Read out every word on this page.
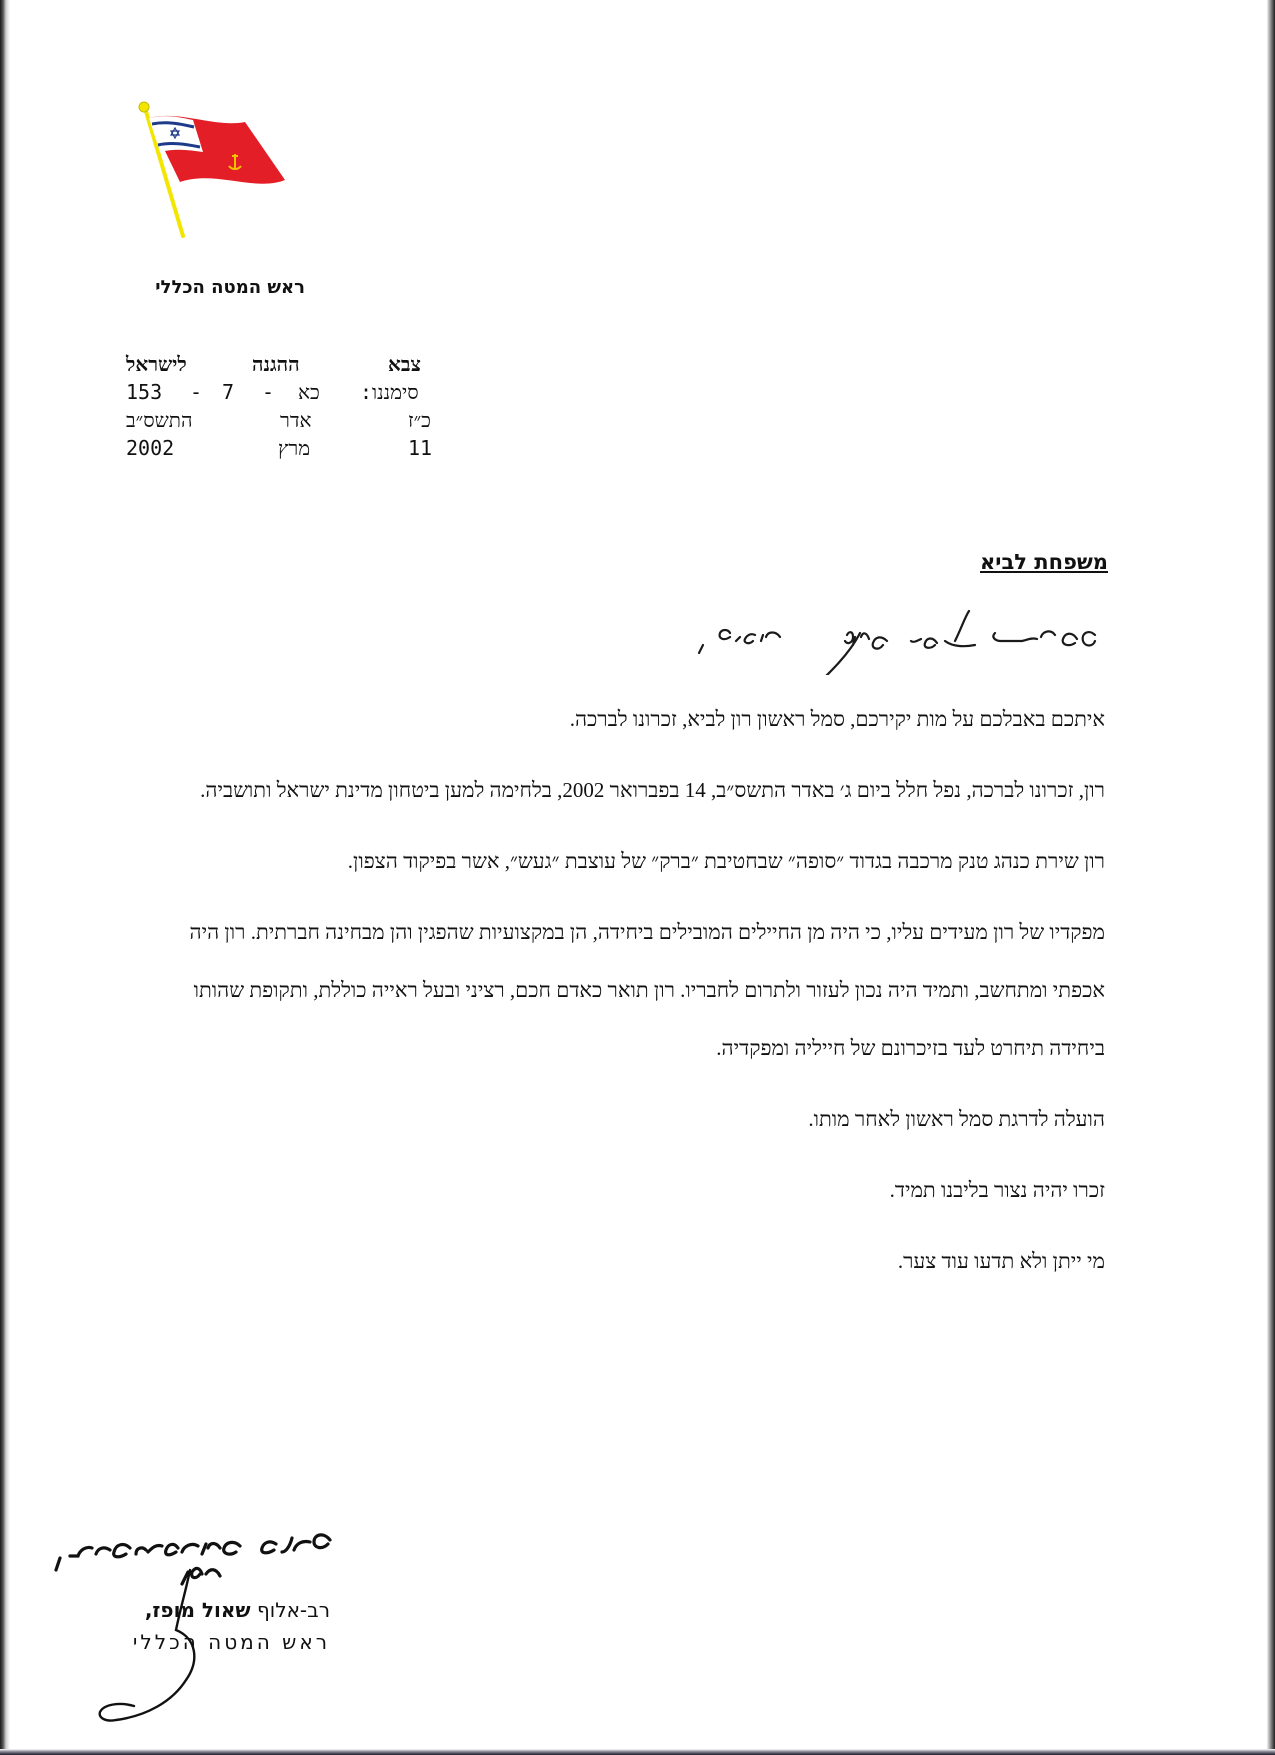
ראש המטה הכללי
צבא
ההגנה
לישראל
סימננו:
כא
-
7
-
153
כ״ז
אדר
התשס״ב
11
מרץ
2002
משפחת לביא

איתכם באבלכם על מות יקירכם, סמל ראשון רון לביא, זכרונו לברכה.

רון, זכרונו לברכה, נפל חלל ביום ג׳ באדר התשס״ב, 14 בפברואר 2002, בלחימה למען ביטחון מדינת ישראל ותושביה.

רון שירת כנהג טנק מרכבה בגדוד ״סופה״ שבחטיבת ״ברק״ של עוצבת ״געש״, אשר בפיקוד הצפון.

מפקדיו של רון מעידים עליו, כי היה מן החיילים המובילים ביחידה, הן במקצועיות שהפגין והן מבחינה חברתית. רון היה אכפתי ומתחשב, ותמיד היה נכון לעזור ולתרום לחבריו. רון תואר כאדם חכם, רציני ובעל ראייה כוללת, ותקופת שהותו ביחידה תיחרט לעד בזיכרונם של חייליה ומפקדיה.

הועלה לדרגת סמל ראשון לאחר מותו.

זכרו יהיה נצור בליבנו תמיד.

מי ייתן ולא תדעו עוד צער.

רב-אלוף שאול מופז,
ראש המטה הכללי
